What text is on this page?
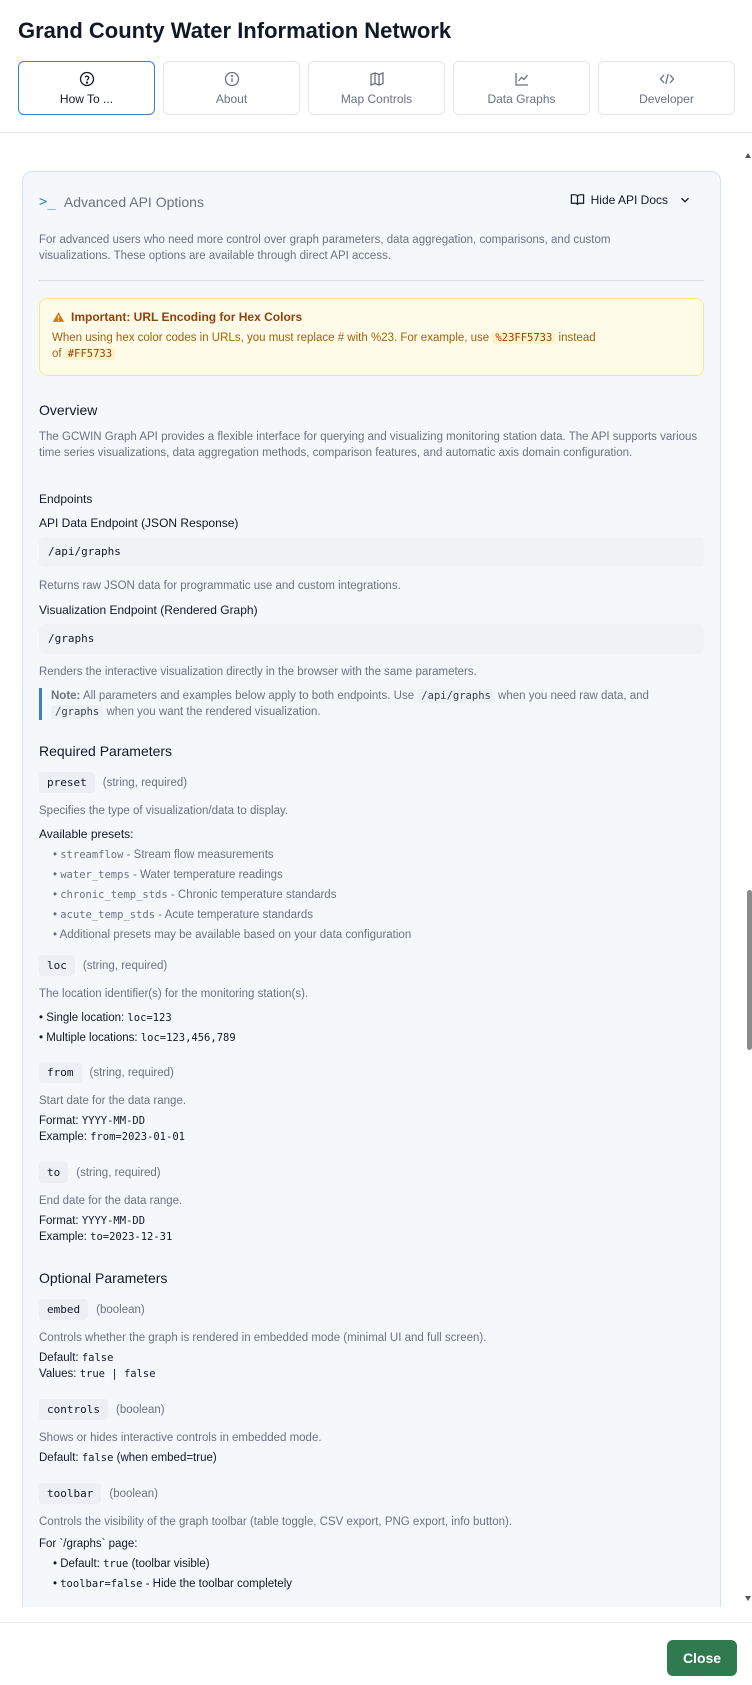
Grand County Water Information Network
How To ...	About	Map Controls	Data Graphs	Developer
>_ Advanced API Options	Hide API Docs
For advanced users who need more control over graph parameters, data aggregation, comparisons, and custom visualizations. These options are available through direct API access.
Important: URL Encoding for Hex Colors
When using hex color codes in URLs, you must replace # with %23. For example, use %23FF5733 instead
of #FF5733
Overview
The GCWIN Graph API provides a flexible interface for querying and visualizing monitoring station data. The API supports various time series visualizations, data aggregation methods, comparison features, and automatic axis domain configuration.
Endpoints
API Data Endpoint (JSON Response)
/api/graphs
Returns raw JSON data for programmatic use and custom integrations.
Visualization Endpoint (Rendered Graph)
/graphs
Renders the interactive visualization directly in the browser with the same parameters.
Note: All parameters and examples below apply to both endpoints. Use /api/graphs when you need raw data, and
/graphs when you want the rendered visualization.
Required Parameters
preset	(string, required)
Specifies the type of visualization/data to display.
Available presets:
• streamflow - Stream flow measurements
• water_temps - Water temperature readings
• chronic_temp_stds - Chronic temperature standards
• acute_temp_stds - Acute temperature standards
• Additional presets may be available based on your data configuration
loc	(string, required)
The location identifier(s) for the monitoring station(s).
• Single location: loc=123
• Multiple locations: loc=123,456,789
from	(string, required)
Start date for the data range.
Format: YYYY-MM-DD
Example: from=2023-01-01
to	(string, required)
End date for the data range.
Format: YYYY-MM-DD
Example: to=2023-12-31
Optional Parameters
embed	(boolean)
Controls whether the graph is rendered in embedded mode (minimal UI and full screen).
Default: false
Values: true | false
controls	(boolean)
Shows or hides interactive controls in embedded mode.
Default: false (when embed=true)
toolbar	(boolean)
Controls the visibility of the graph toolbar (table toggle, CSV export, PNG export, info button).
For `/graphs` page:
• Default: true (toolbar visible)
• toolbar=false - Hide the toolbar completely
Close
